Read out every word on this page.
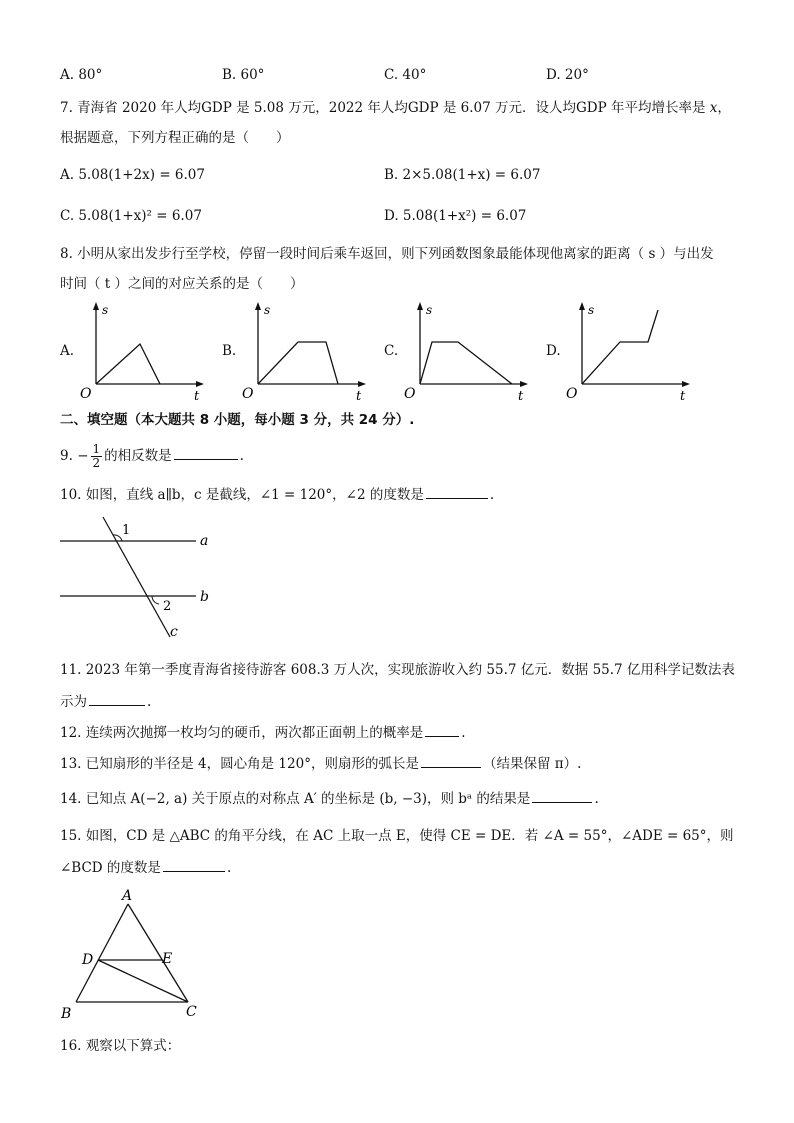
A. 80°	B. 60°	C. 40°	D. 20°
7. 青海省 2020 年人均GDP 是 5.08 万元，2022 年人均GDP 是 6.07 万元．设人均GDP 年平均增长率是 x，
根据题意，下列方程正确的是（　　）
A. 5.08(1+2x) = 6.07	B. 2×5.08(1+x) = 6.07
C. 5.08(1+x)² = 6.07	D. 5.08(1+x²) = 6.07
8. 小明从家出发步行至学校，停留一段时间后乘车返回，则下列函数图象最能体现他离家的距离（ s ）与出发
时间（ t ）之间的对应关系的是（　　）
A.
s
O	t
B.
s
O	t
C.
s
O	t
D.
s
O	t
二、填空题（本大题共 8 小题，每小题 3 分，共 24 分）.
9. − $\frac{1}{2}$ 的相反数是	.
10. 如图，直线 a∥b，c 是截线，∠1 = 120°，∠2 的度数是	.
1
2
a
b
c
11. 2023 年第一季度青海省接待游客 608.3 万人次，实现旅游收入约 55.7 亿元．数据 55.7 亿用科学记数法表
示为	.
12. 连续两次抛掷一枚均匀的硬币，两次都正面朝上的概率是	.
13. 已知扇形的半径是 4，圆心角是 120°，则扇形的弧长是	（结果保留 π）.
14. 已知点 A(−2, a) 关于原点的对称点 A′ 的坐标是 (b, −3)，则 bᵃ 的结果是	.
15. 如图，CD 是 △ABC 的角平分线，在 AC 上取一点 E，使得 CE = DE．若 ∠A = 55°，∠ADE = 65°，则
∠BCD 的度数是	.
A
D	E
B	C
16. 观察以下算式：
